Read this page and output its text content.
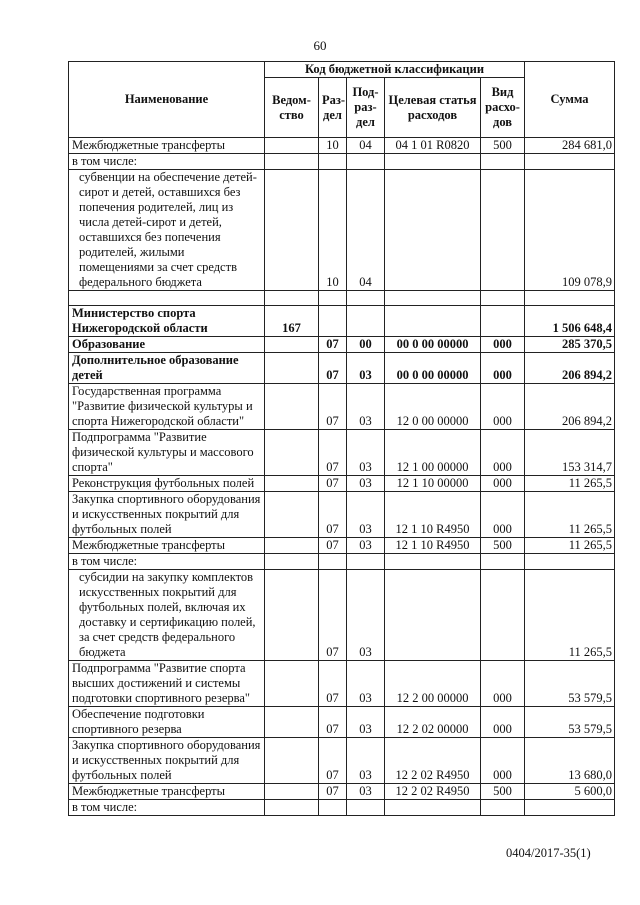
60
Наименование	Код бюджетной классификации					Сумма
	Ведом-ство	Раз-дел	Под-раз-дел	Целевая статья расходов	Вид расхо-дов	
Межбюджетные трансферты		10	04	04 1 01 R0820	500	284 681,0
в том числе:						
субвенции на обеспечение детей-сирот и детей, оставшихся без попечения родителей, лиц из числа детей-сирот и детей, оставшихся без попечения родителей, жилыми помещениями за счет средств федерального бюджета		10	04			109 078,9

Министерство спорта Нижегородской области	167					1 506 648,4
Образование		07	00	00 0 00 00000	000	285 370,5
Дополнительное образование детей		07	03	00 0 00 00000	000	206 894,2
Государственная программа "Развитие физической культуры и спорта Нижегородской области"		07	03	12 0 00 00000	000	206 894,2
Подпрограмма "Развитие физической культуры и массового спорта"		07	03	12 1 00 00000	000	153 314,7
Реконструкция футбольных полей		07	03	12 1 10 00000	000	11 265,5
Закупка спортивного оборудования и искусственных покрытий для футбольных полей		07	03	12 1 10 R4950	000	11 265,5
Межбюджетные трансферты		07	03	12 1 10 R4950	500	11 265,5
в том числе:						
субсидии на закупку комплектов искусственных покрытий для футбольных полей, включая их доставку и сертификацию полей, за счет средств федерального бюджета		07	03			11 265,5
Подпрограмма "Развитие спорта высших достижений и системы подготовки спортивного резерва"		07	03	12 2 00 00000	000	53 579,5
Обеспечение подготовки спортивного резерва		07	03	12 2 02 00000	000	53 579,5
Закупка спортивного оборудования и искусственных покрытий для футбольных полей		07	03	12 2 02 R4950	000	13 680,0
Межбюджетные трансферты		07	03	12 2 02 R4950	500	5 600,0
в том числе:						
0404/2017-35(1)
